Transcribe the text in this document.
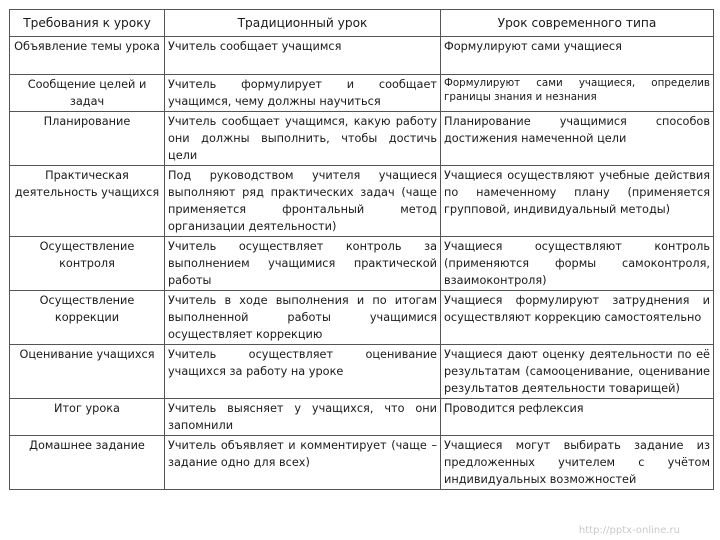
Требования к уроку	Традиционный урок	Урок современного типа
Объявление темы урока	Учитель сообщает учащимся	Формулируют сами учащиеся
Сообщение целей и задач	Учитель формулирует и сообщает учащимся, чему должны научиться	Формулируют сами учащиеся, определив границы знания и незнания
Планирование	Учитель сообщает учащимся, какую работу они должны выполнить, чтобы достичь цели	Планирование учащимися способов достижения намеченной цели
Практическая деятельность учащихся	Под руководством учителя учащиеся выполняют ряд практических задач (чаще применяется фронтальный метод организации деятельности)	Учащиеся осуществляют учебные действия по намеченному плану (применяется групповой, индивидуальный методы)
Осуществление контроля	Учитель осуществляет контроль за выполнением учащимися практической работы	Учащиеся осуществляют контроль (применяются формы самоконтроля, взаимоконтроля)
Осуществление коррекции	Учитель в ходе выполнения и по итогам выполненной работы учащимися осуществляет коррекцию	Учащиеся формулируют затруднения и осуществляют коррекцию самостоятельно
Оценивание учащихся	Учитель осуществляет оценивание учащихся за работу на уроке	Учащиеся дают оценку деятельности по её результатам (самооценивание, оценивание результатов деятельности товарищей)
Итог урока	Учитель выясняет у учащихся, что они запомнили	Проводится рефлексия
Домашнее задание	Учитель объявляет и комментирует (чаще – задание одно для всех)	Учащиеся могут выбирать задание из предложенных учителем с учётом индивидуальных возможностей
http://pptx-online.ru
